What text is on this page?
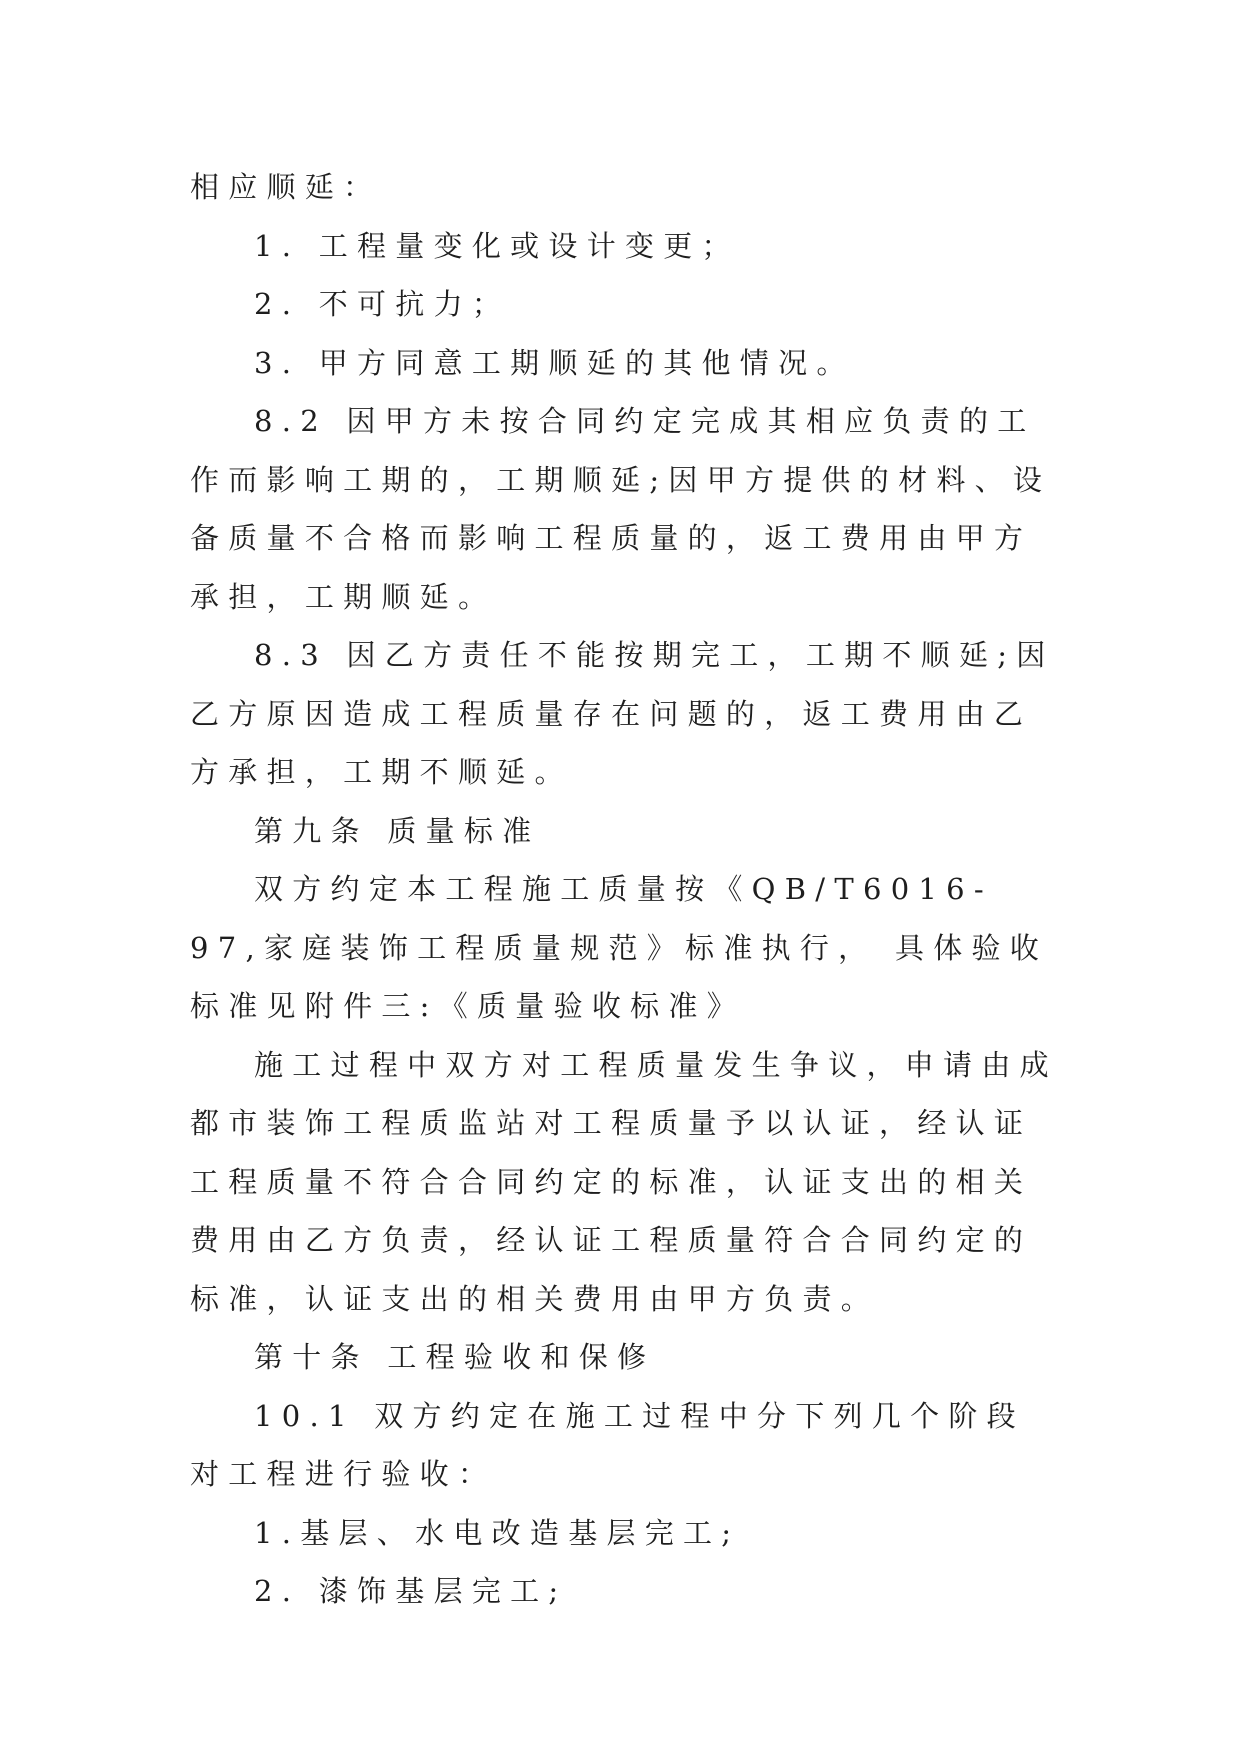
相应顺延：

1. 工程量变化或设计变更；

2. 不可抗力；

3. 甲方同意工期顺延的其他情况。

8.2 因甲方未按合同约定完成其相应负责的工作而影响工期的，工期顺延;因甲方提供的材料、设备质量不合格而影响工程质量的，返工费用由甲方承担，工期顺延。

8.3 因乙方责任不能按期完工，工期不顺延;因乙方原因造成工程质量存在问题的，返工费用由乙方承担，工期不顺延。

第九条 质量标准

双方约定本工程施工质量按《QB/T6016-97,家庭装饰工程质量规范》标准执行， 具体验收标准见附件三:《质量验收标准》

施工过程中双方对工程质量发生争议，申请由成都市装饰工程质监站对工程质量予以认证，经认证工程质量不符合合同约定的标准，认证支出的相关费用由乙方负责，经认证工程质量符合合同约定的标准，认证支出的相关费用由甲方负责。

第十条 工程验收和保修

10.1 双方约定在施工过程中分下列几个阶段对工程进行验收：

1.基层、水电改造基层完工;

2. 漆饰基层完工;
